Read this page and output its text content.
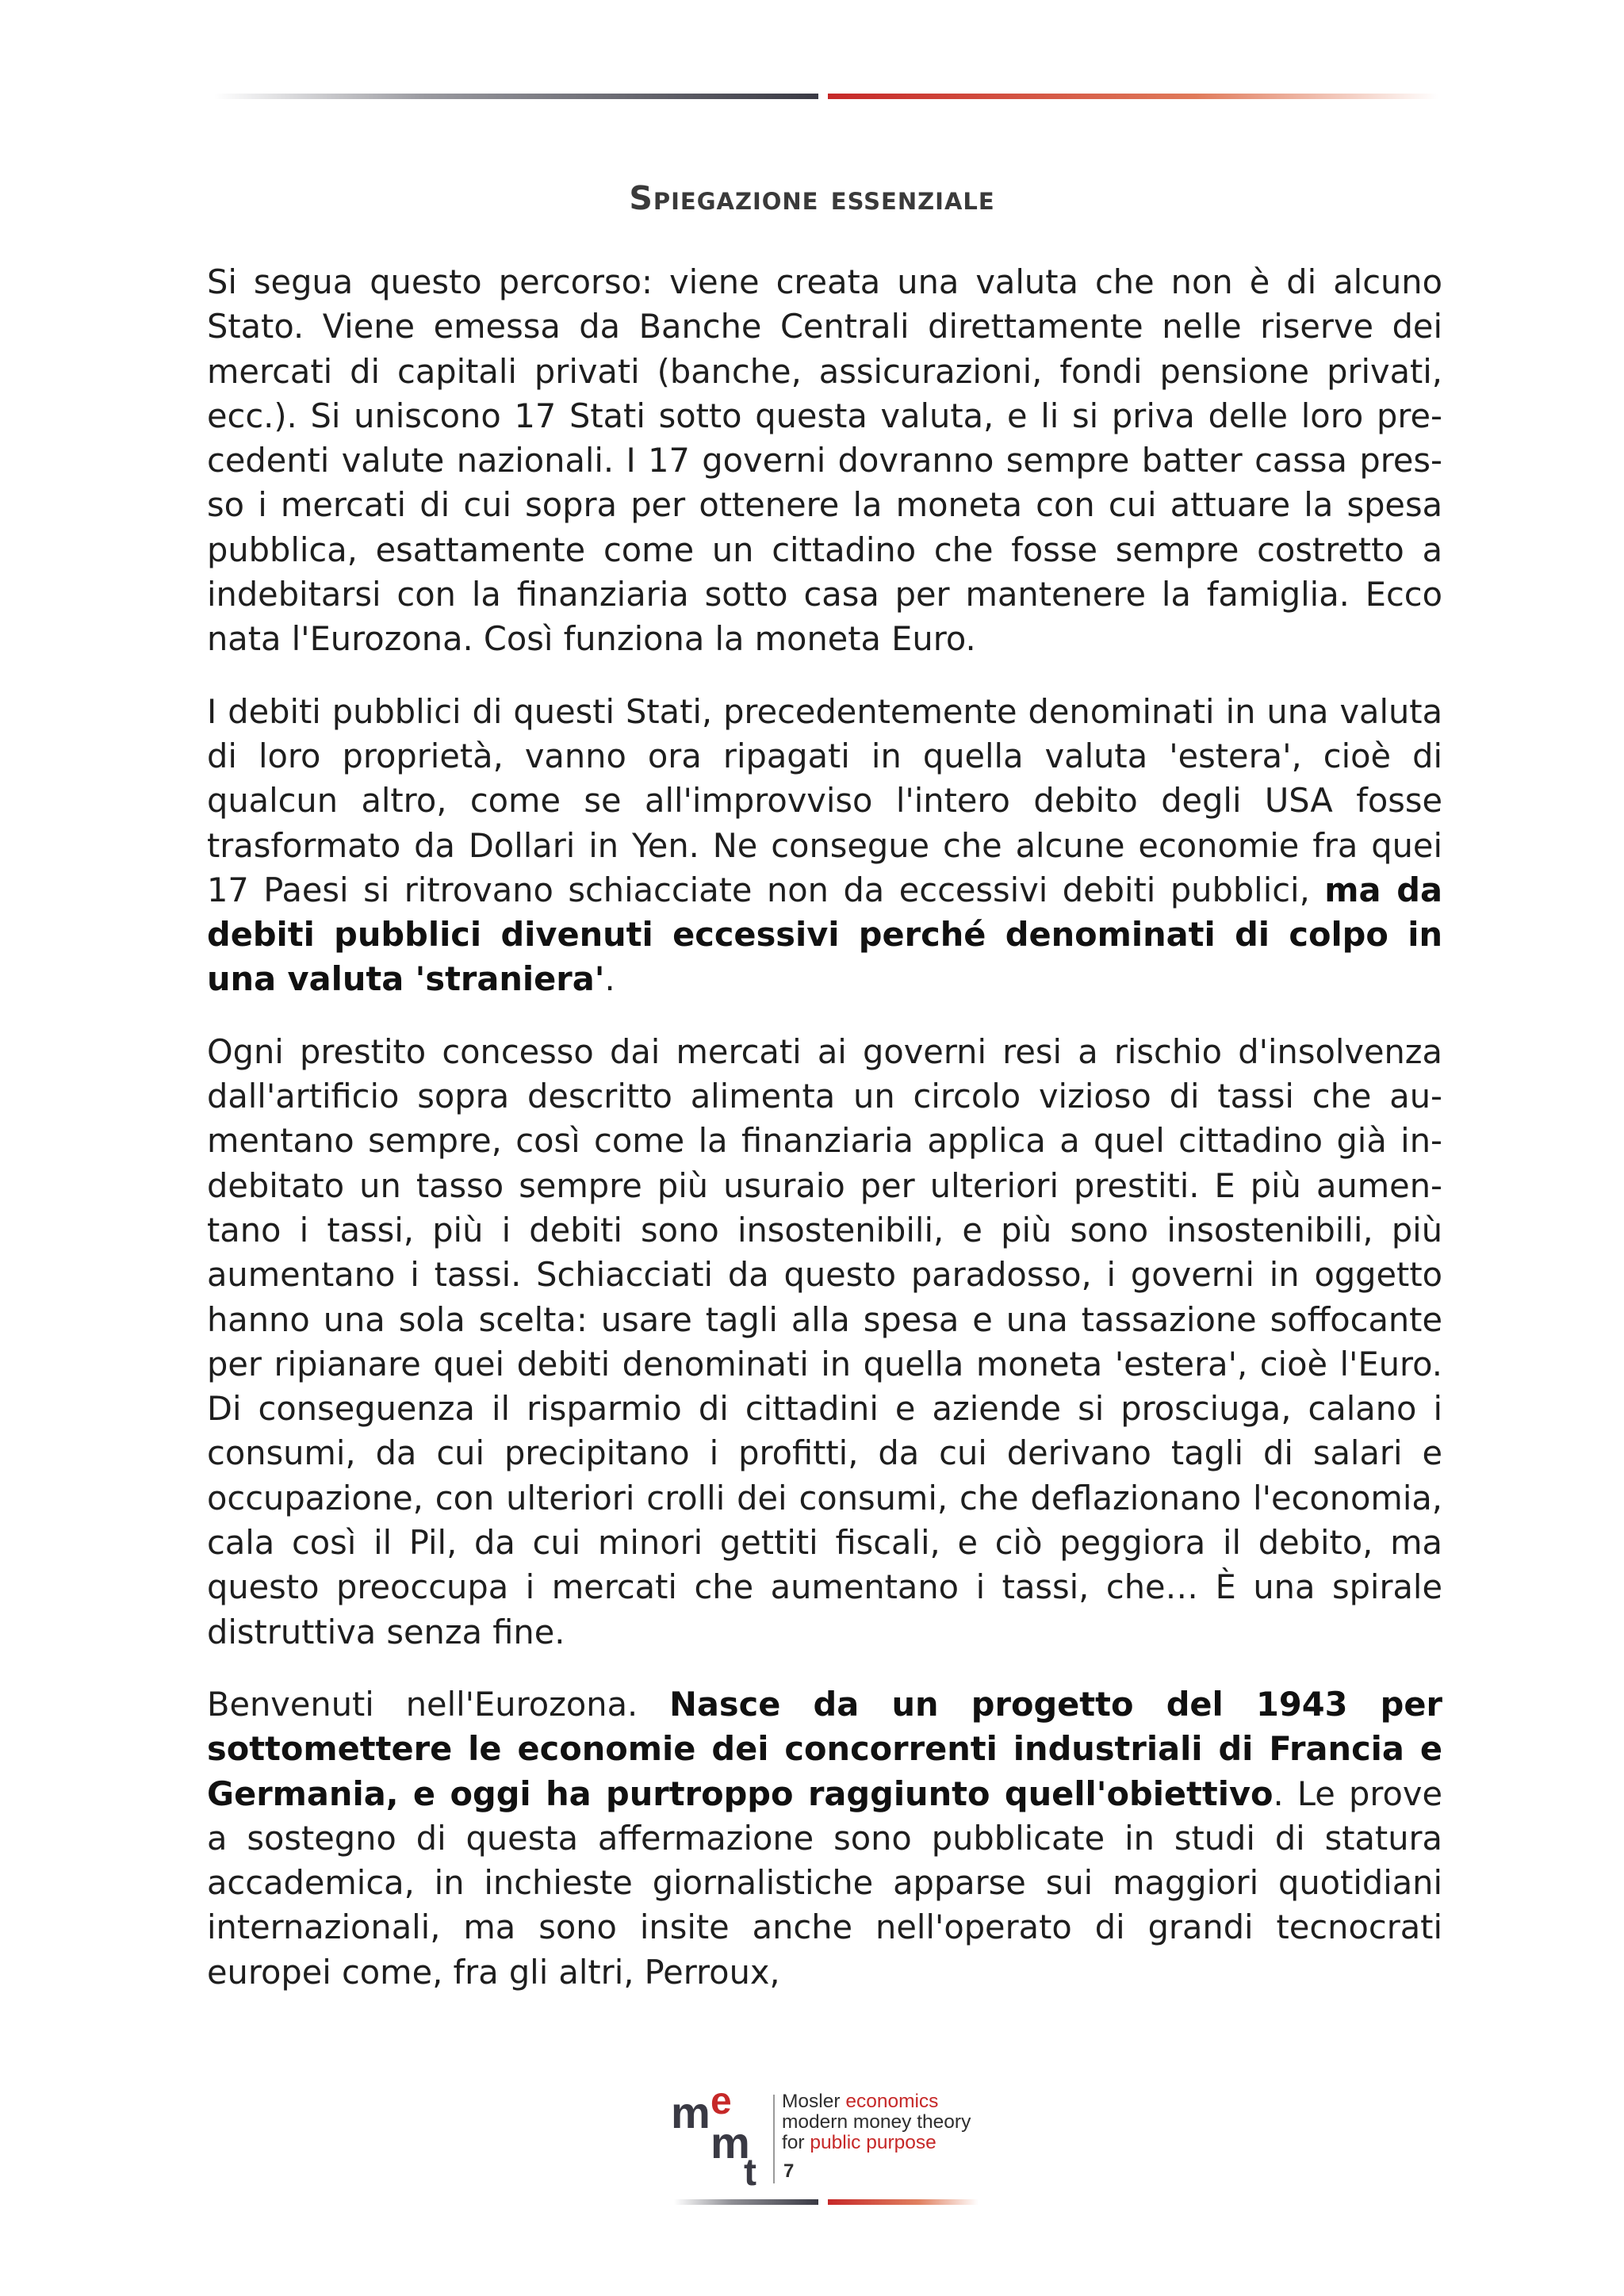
Spiegazione essenziale

Si segua questo percorso: viene creata una valuta che non è di alcuno Stato. Viene emessa da Banche Centrali direttamente nelle riserve dei mercati di capitali privati (banche, assicurazioni, fondi pensione privati, ecc.). Si uniscono 17 Stati sotto questa valuta, e li si priva delle loro precedenti valute nazionali. I 17 governi dovranno sempre batter cassa presso i mercati di cui sopra per ottenere la moneta con cui attuare la spesa pubblica, esattamente come un cittadino che fosse sempre costretto a indebitarsi con la finanziaria sotto casa per mantenere la famiglia. Ecco nata l'Eurozona. Così funziona la moneta Euro.

I debiti pubblici di questi Stati, precedentemente denominati in una valuta di loro proprietà, vanno ora ripagati in quella valuta 'estera', cioè di qualcun altro, come se all'improvviso l'intero debito degli USA fosse trasformato da Dollari in Yen. Ne consegue che alcune economie fra quei 17 Paesi si ritrovano schiacciate non da eccessivi debiti pubblici, ma da debiti pubblici divenuti eccessivi perché denominati di colpo in una valuta 'straniera'.

Ogni prestito concesso dai mercati ai governi resi a rischio d'insolvenza dall'artificio sopra descritto alimenta un circolo vizioso di tassi che aumentano sempre, così come la finanziaria applica a quel cittadino già indebitato un tasso sempre più usuraio per ulteriori prestiti. E più aumentano i tassi, più i debiti sono insostenibili, e più sono insostenibili, più aumentano i tassi. Schiacciati da questo paradosso, i governi in oggetto hanno una sola scelta: usare tagli alla spesa e una tassazione soffocante per ripianare quei debiti denominati in quella moneta 'estera', cioè l'Euro. Di conseguenza il risparmio di cittadini e aziende si prosciuga, calano i consumi, da cui precipitano i profitti, da cui derivano tagli di salari e occupazione, con ulteriori crolli dei consumi, che deflazionano l'economia, cala così il Pil, da cui minori gettiti fiscali, e ciò peggiora il debito, ma questo preoccupa i mercati che aumentano i tassi, che… È una spirale distruttiva senza fine.

Benvenuti nell'Eurozona. Nasce da un progetto del 1943 per sottomettere le economie dei concorrenti industriali di Francia e Germania, e oggi ha purtroppo raggiunto quell'obiettivo. Le prove a sostegno di questa affermazione sono pubblicate in studi di statura accademica, in inchieste giornalistiche apparse sui maggiori quotidiani internazionali, ma sono insite anche nell'operato di grandi tecnocrati europei come, fra gli altri, Perroux,

m e
m
t
Mosler economics
modern money theory
for public purpose
7
